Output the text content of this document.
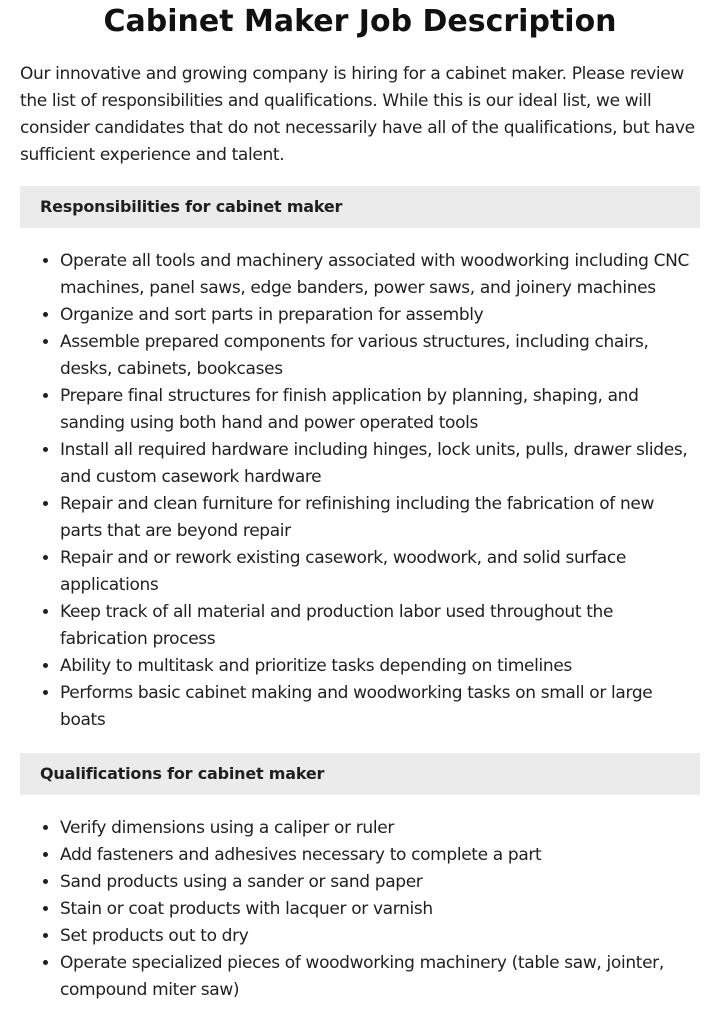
Cabinet Maker Job Description

Our innovative and growing company is hiring for a cabinet maker. Please review the list of responsibilities and qualifications. While this is our ideal list, we will consider candidates that do not necessarily have all of the qualifications, but have sufficient experience and talent.

Responsibilities for cabinet maker
• Operate all tools and machinery associated with woodworking including CNC machines, panel saws, edge banders, power saws, and joinery machines
• Organize and sort parts in preparation for assembly
• Assemble prepared components for various structures, including chairs, desks, cabinets, bookcases
• Prepare final structures for finish application by planning, shaping, and sanding using both hand and power operated tools
• Install all required hardware including hinges, lock units, pulls, drawer slides, and custom casework hardware
• Repair and clean furniture for refinishing including the fabrication of new parts that are beyond repair
• Repair and or rework existing casework, woodwork, and solid surface applications
• Keep track of all material and production labor used throughout the fabrication process
• Ability to multitask and prioritize tasks depending on timelines
• Performs basic cabinet making and woodworking tasks on small or large boats
Qualifications for cabinet maker
• Verify dimensions using a caliper or ruler
• Add fasteners and adhesives necessary to complete a part
• Sand products using a sander or sand paper
• Stain or coat products with lacquer or varnish
• Set products out to dry
• Operate specialized pieces of woodworking machinery (table saw, jointer, compound miter saw)
